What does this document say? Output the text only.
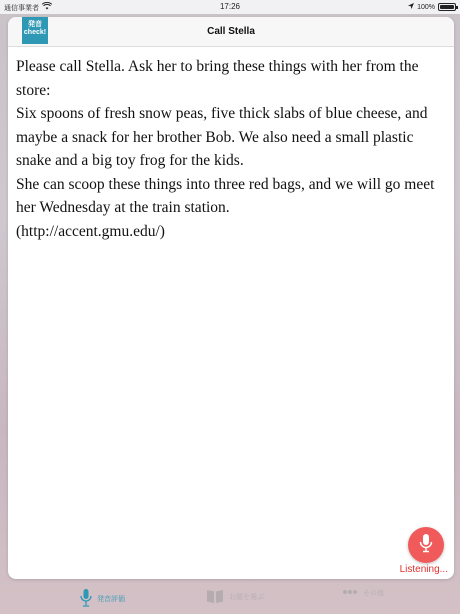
通信事業者	17:26	100%
発音
check!	Call Stella

Please call Stella. Ask her to bring these things with her from the store:

Six spoons of fresh snow peas, five thick slabs of blue cheese, and maybe a snack for her brother Bob. We also need a small plastic snake and a big toy frog for the kids.

She can scoop these things into three red bags, and we will go meet her Wednesday at the train station.

(http://accent.gmu.edu/)

Listening...
発音評価	お題を選ぶ
その他
